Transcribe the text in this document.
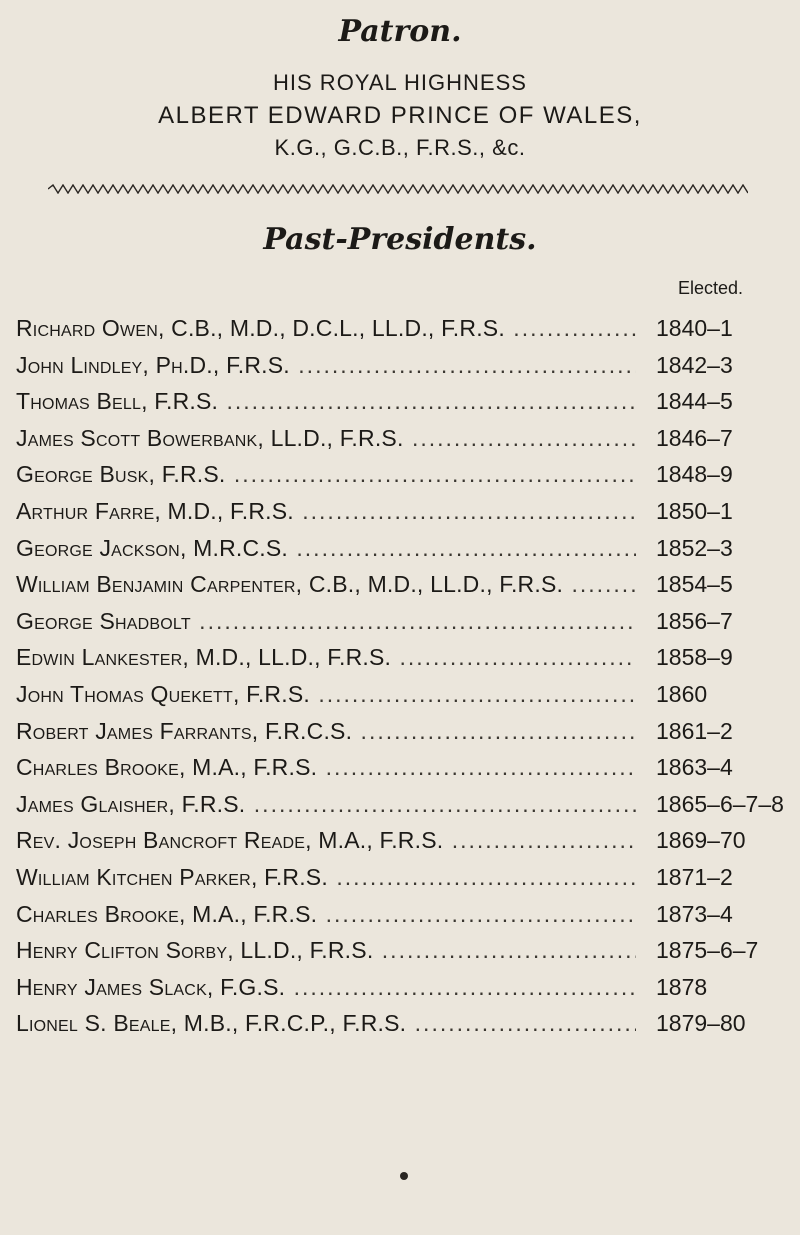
Patron.
HIS ROYAL HIGHNESS
ALBERT EDWARD PRINCE OF WALES,
K.G., G.C.B., F.R.S., &c.
Past-Presidents.
Elected.
Richard Owen, C.B., M.D., D.C.L., LL.D., F.R.S. .....	1840–1
John Lindley, Ph.D., F.R.S. .....	1842–3
Thomas Bell, F.R.S. .....	1844–5
James Scott Bowerbank, LL.D., F.R.S. .....	1846–7
George Busk, F.R.S. .....	1848–9
Arthur Farre, M.D., F.R.S. .....	1850–1
George Jackson, M.R.C.S. .....	1852–3
William Benjamin Carpenter, C.B., M.D., LL.D., F.R.S. .....	1854–5
George Shadbolt .....	1856–7
Edwin Lankester, M.D., LL.D., F.R.S. .....	1858–9
John Thomas Quekett, F.R.S. .....	1860
Robert James Farrants, F.R.C.S. .....	1861–2
Charles Brooke, M.A., F.R.S. .....	1863–4
James Glaisher, F.R.S. .....	1865–6–7–8
Rev. Joseph Bancroft Reade, M.A., F.R.S. .....	1869–70
William Kitchen Parker, F.R.S. .....	1871–2
Charles Brooke, M.A., F.R.S. .....	1873–4
Henry Clifton Sorby, LL.D., F.R.S. .....	1875–6–7
Henry James Slack, F.G.S. .....	1878
Lionel S. Beale, M.B., F.R.C.P., F.R.S. .....	1879–80
